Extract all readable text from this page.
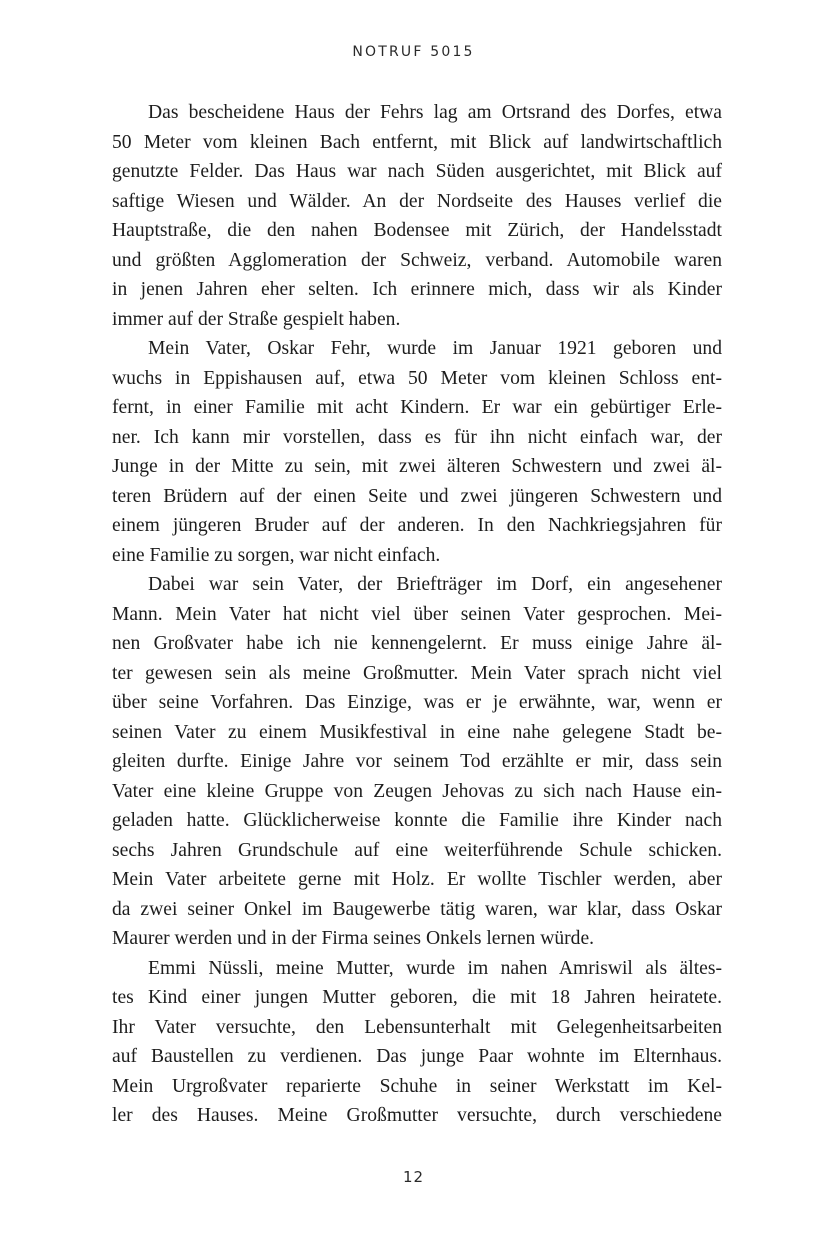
NOTRUF 5015
Das bescheidene Haus der Fehrs lag am Ortsrand des Dorfes, etwa
50 Meter vom kleinen Bach entfernt, mit Blick auf landwirtschaftlich
genutzte Felder. Das Haus war nach Süden ausgerichtet, mit Blick auf
saftige Wiesen und Wälder. An der Nordseite des Hauses verlief die
Hauptstraße, die den nahen Bodensee mit Zürich, der Handelsstadt
und größten Agglomeration der Schweiz, verband. Automobile waren
in jenen Jahren eher selten. Ich erinnere mich, dass wir als Kinder
immer auf der Straße gespielt haben.
Mein Vater, Oskar Fehr, wurde im Januar 1921 geboren und
wuchs in Eppishausen auf, etwa 50 Meter vom kleinen Schloss ent-
fernt, in einer Familie mit acht Kindern. Er war ein gebürtiger Erle-
ner. Ich kann mir vorstellen, dass es für ihn nicht einfach war, der
Junge in der Mitte zu sein, mit zwei älteren Schwestern und zwei äl-
teren Brüdern auf der einen Seite und zwei jüngeren Schwestern und
einem jüngeren Bruder auf der anderen. In den Nachkriegsjahren für
eine Familie zu sorgen, war nicht einfach.
Dabei war sein Vater, der Briefträger im Dorf, ein angesehener
Mann. Mein Vater hat nicht viel über seinen Vater gesprochen. Mei-
nen Großvater habe ich nie kennengelernt. Er muss einige Jahre äl-
ter gewesen sein als meine Großmutter. Mein Vater sprach nicht viel
über seine Vorfahren. Das Einzige, was er je erwähnte, war, wenn er
seinen Vater zu einem Musikfestival in eine nahe gelegene Stadt be-
gleiten durfte. Einige Jahre vor seinem Tod erzählte er mir, dass sein
Vater eine kleine Gruppe von Zeugen Jehovas zu sich nach Hause ein-
geladen hatte. Glücklicherweise konnte die Familie ihre Kinder nach
sechs Jahren Grundschule auf eine weiterführende Schule schicken.
Mein Vater arbeitete gerne mit Holz. Er wollte Tischler werden, aber
da zwei seiner Onkel im Baugewerbe tätig waren, war klar, dass Oskar
Maurer werden und in der Firma seines Onkels lernen würde.
Emmi Nüssli, meine Mutter, wurde im nahen Amriswil als ältes-
tes Kind einer jungen Mutter geboren, die mit 18 Jahren heiratete.
Ihr Vater versuchte, den Lebensunterhalt mit Gelegenheitsarbeiten
auf Baustellen zu verdienen. Das junge Paar wohnte im Elternhaus.
Mein Urgroßvater reparierte Schuhe in seiner Werkstatt im Kel-
ler des Hauses. Meine Großmutter versuchte, durch verschiedene
12
